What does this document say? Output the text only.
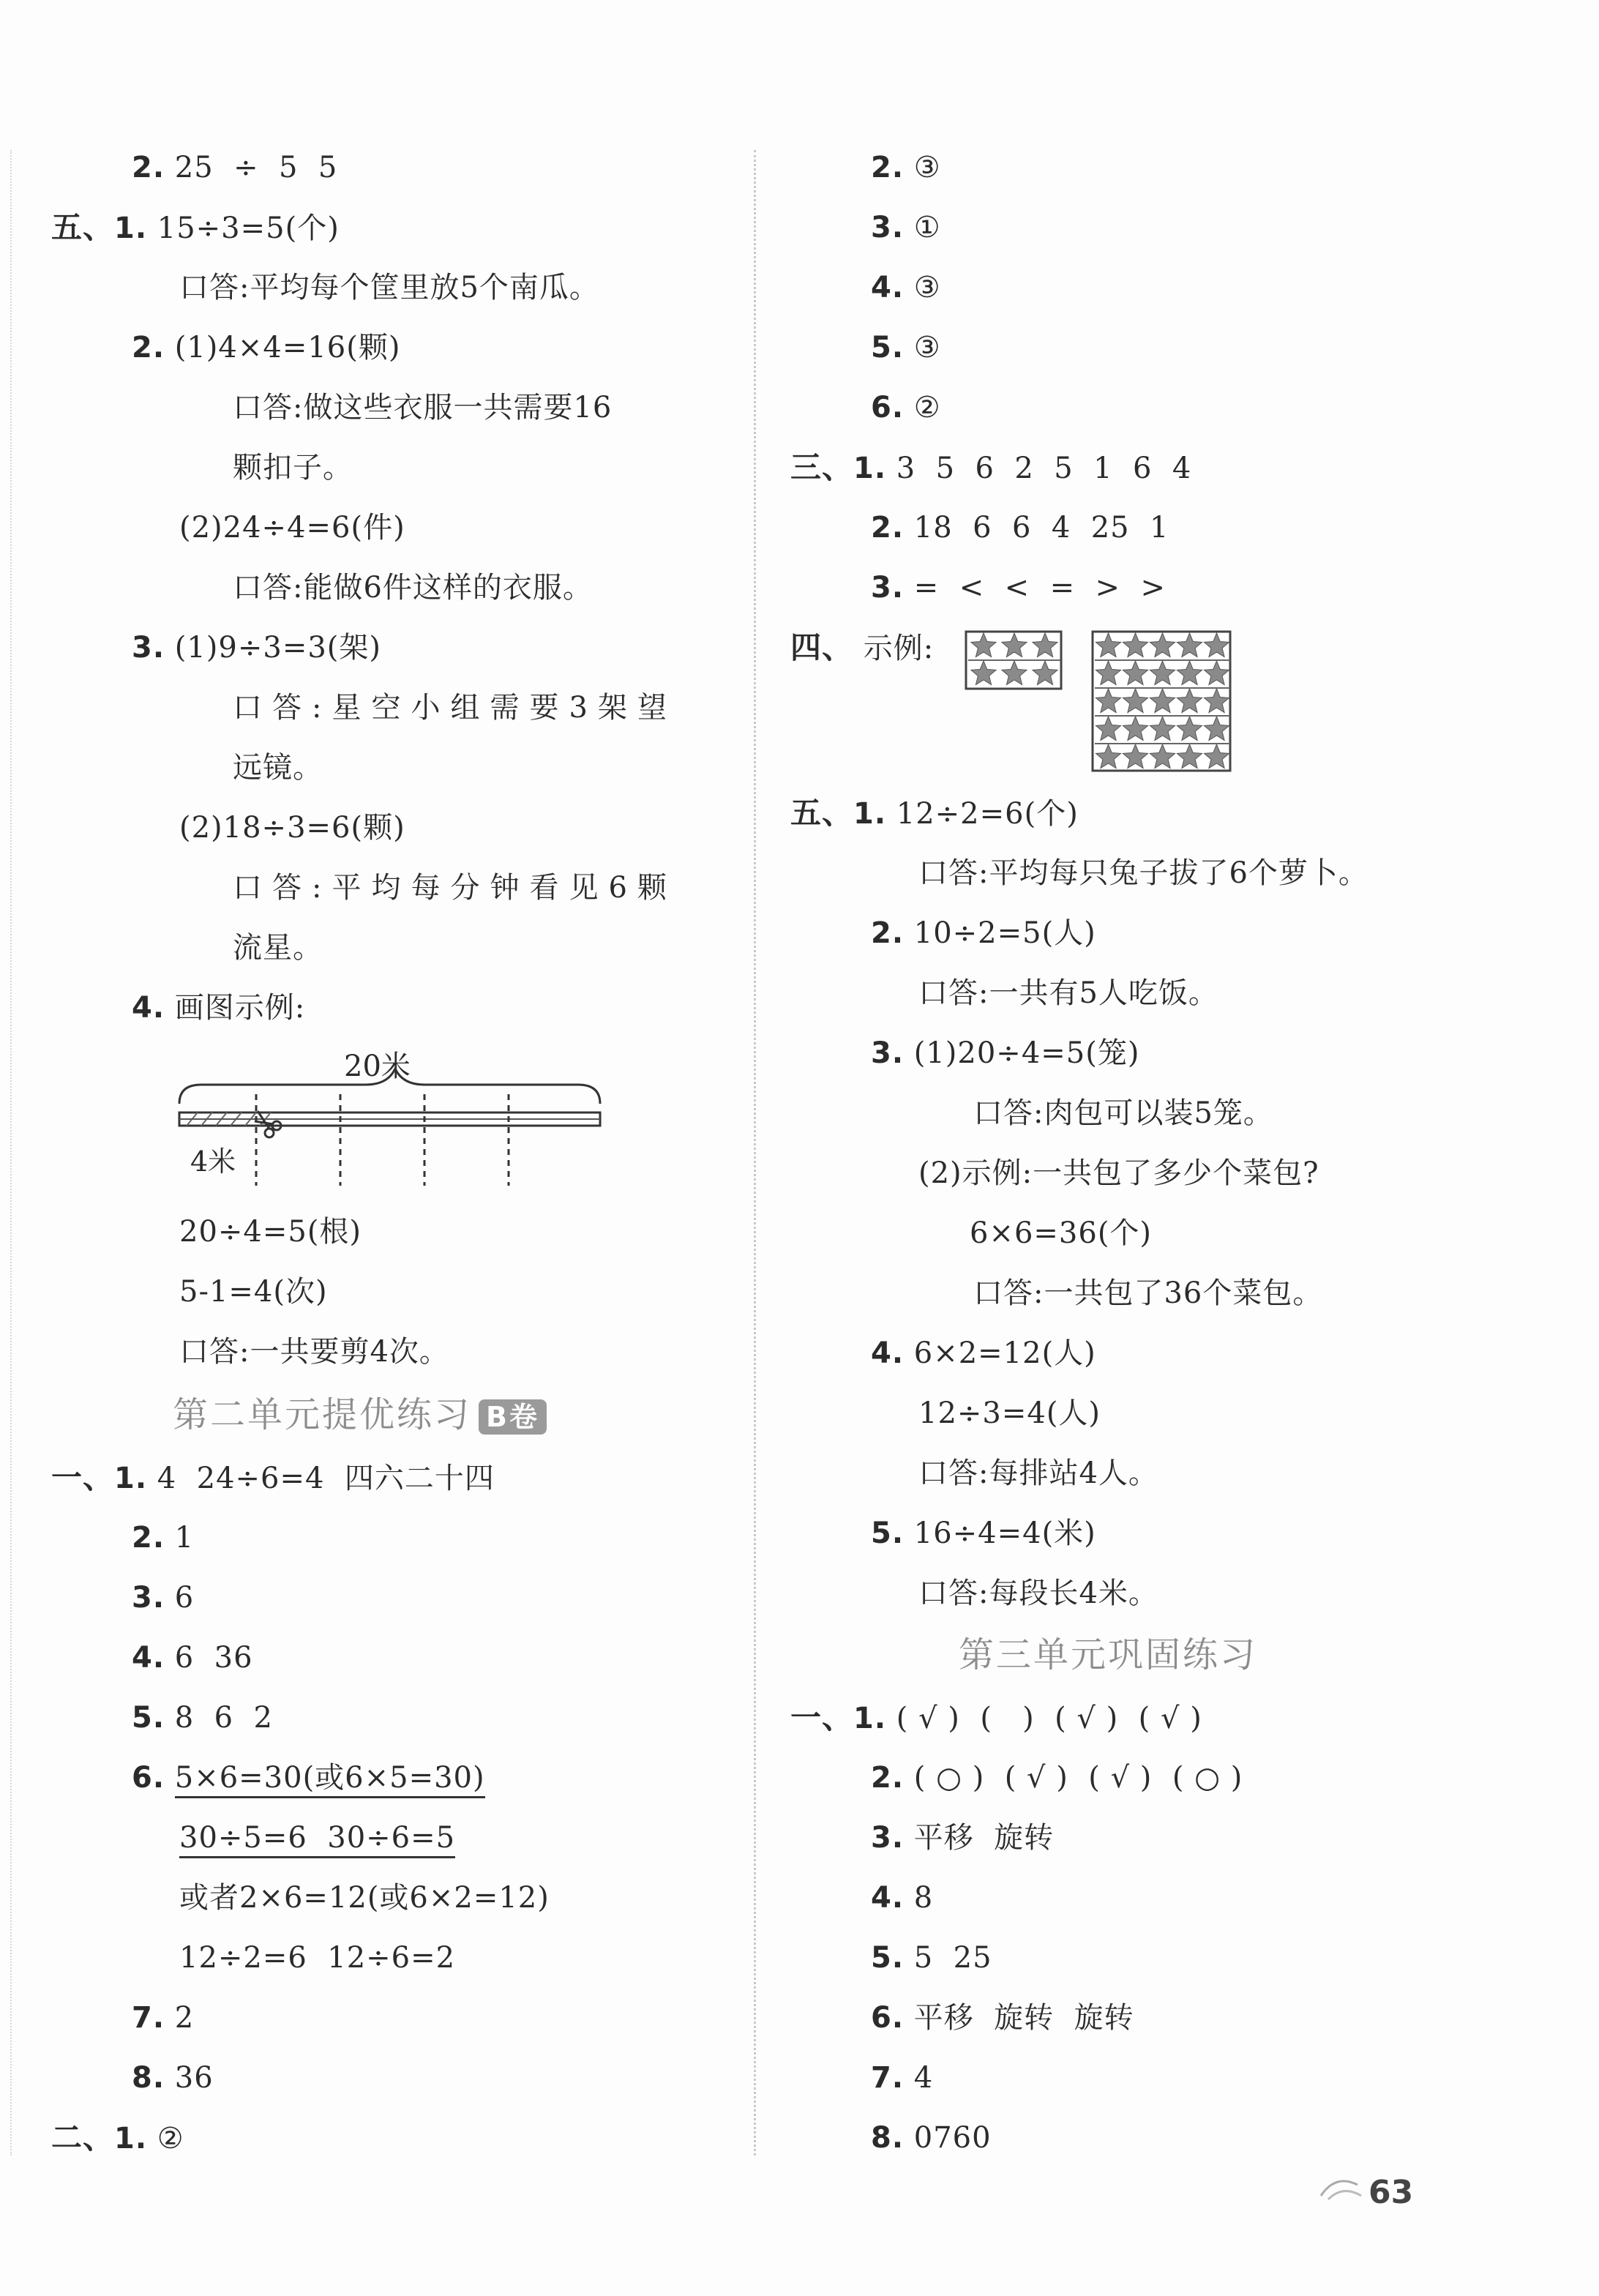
2. 25  ÷  5  5
五、1. 15÷3=5(个)
口答:平均每个筐里放5个南瓜。
2. (1)4×4=16(颗)
口答:做这些衣服一共需要16
颗扣子。
(2)24÷4=6(件)
口答:能做6件这样的衣服。
3. (1)9÷3=3(架)
口答:星空小组需要3架望
远镜。
(2)18÷3=6(颗)
口答:平均每分钟看见6颗
流星。
4. 画图示例:
20米
4米
20÷4=5(根)
5-1=4(次)
口答:一共要剪4次。
第二单元提优练习 B卷
一、1. 4  24÷6=4  四六二十四
2. 1
3. 6
4. 6  36
5. 8  6  2
6. 5×6=30(或6×5=30)
30÷5=6  30÷6=5
或者2×6=12(或6×2=12)
12÷2=6  12÷6=2
7. 2
8. 36
二、1. ②
2. ③
3. ①
4. ③
5. ③
6. ②
三、1. 3  5  6  2  5  1  6  4
2. 18  6  6  4  25  1
3. =  <  <  =  >  >
四、 示例:
五、1. 12÷2=6(个)
口答:平均每只兔子拔了6个萝卜。
2. 10÷2=5(人)
口答:一共有5人吃饭。
3. (1)20÷4=5(笼)
口答:肉包可以装5笼。
(2)示例:一共包了多少个菜包?
6×6=36(个)
口答:一共包了36个菜包。
4. 6×2=12(人)
12÷3=4(人)
口答:每排站4人。
5. 16÷4=4(米)
口答:每段长4米。
第三单元巩固练习
一、1. ( √ )  (   )  ( √ )  ( √ )
2. ( ○ )  ( √ )  ( √ )  ( ○ )
3. 平移  旋转
4. 8
5. 5  25
6. 平移  旋转  旋转
7. 4
8. 0760
63
